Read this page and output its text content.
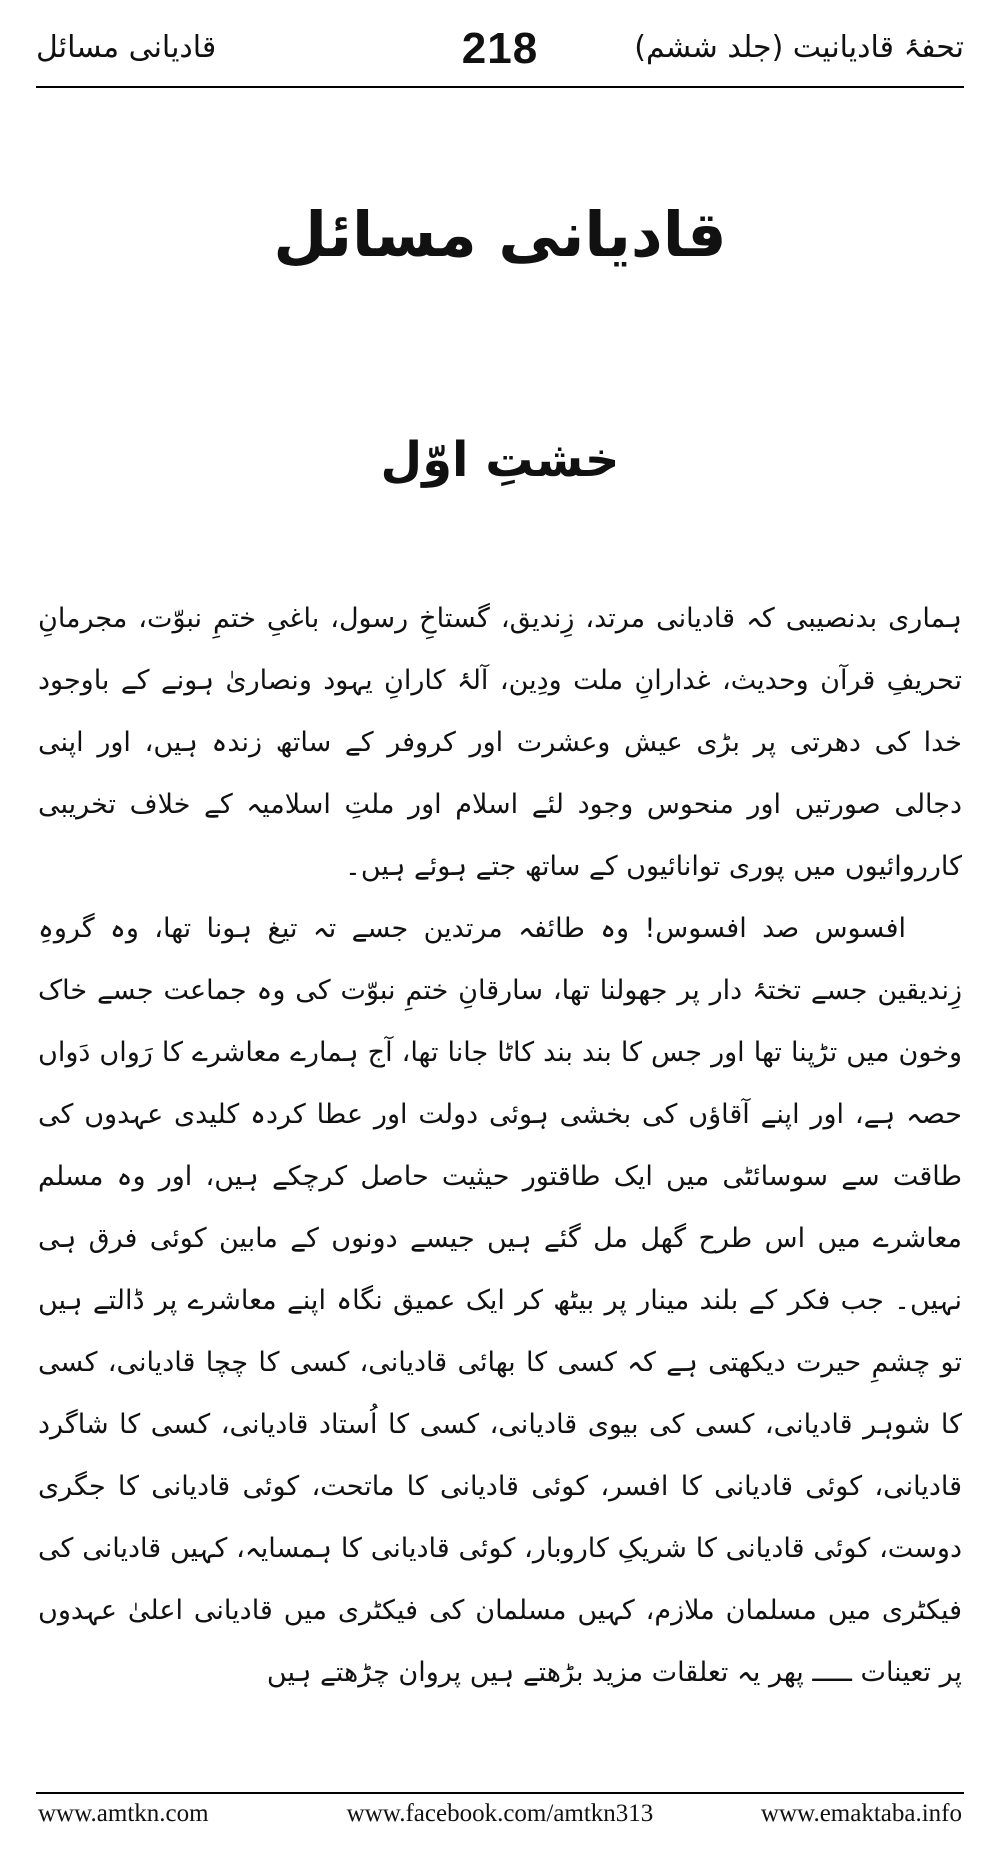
قادیانی مسائل	218	تحفۂ قادیانیت (جلد ششم)
قادیانی مسائل
خشتِ اوّل

ہماری بدنصیبی کہ قادیانی مرتد، زِندیق، گستاخِ رسول، باغیِ ختمِ نبوّت، مجرمانِ تحریفِ قرآن وحدیث، غدارانِ ملت ودِین، آلۂ کارانِ یہود ونصاریٰ ہونے کے باوجود خدا کی دھرتی پر بڑی عیش وعشرت اور کروفر کے ساتھ زندہ ہیں، اور اپنی دجالی صورتیں اور منحوس وجود لئے اسلام اور ملتِ اسلامیہ کے خلاف تخریبی کارروائیوں میں پوری توانائیوں کے ساتھ جتے ہوئے ہیں۔

افسوس صد افسوس! وہ طائفہ مرتدین جسے تہ تیغ ہونا تھا، وہ گروہِ زِندیقین جسے تختۂ دار پر جھولنا تھا، سارقانِ ختمِ نبوّت کی وہ جماعت جسے خاک وخون میں تڑپنا تھا اور جس کا بند بند کاٹا جانا تھا، آج ہمارے معاشرے کا رَواں دَواں حصہ ہے، اور اپنے آقاؤں کی بخشی ہوئی دولت اور عطا کردہ کلیدی عہدوں کی طاقت سے سوسائٹی میں ایک طاقتور حیثیت حاصل کرچکے ہیں، اور وہ مسلم معاشرے میں اس طرح گھل مل گئے ہیں جیسے دونوں کے مابین کوئی فرق ہی نہیں۔ جب فکر کے بلند مینار پر بیٹھ کر ایک عمیق نگاہ اپنے معاشرے پر ڈالتے ہیں تو چشمِ حیرت دیکھتی ہے کہ کسی کا بھائی قادیانی، کسی کا چچا قادیانی، کسی کا شوہر قادیانی، کسی کی بیوی قادیانی، کسی کا اُستاد قادیانی، کسی کا شاگرد قادیانی، کوئی قادیانی کا افسر، کوئی قادیانی کا ماتحت، کوئی قادیانی کا جگری دوست، کوئی قادیانی کا شریکِ کاروبار، کوئی قادیانی کا ہمسایہ، کہیں قادیانی کی فیکٹری میں مسلمان ملازم، کہیں مسلمان کی فیکٹری میں قادیانی اعلیٰ عہدوں پر تعینات ـــــ پھر یہ تعلقات مزید بڑھتے ہیں پروان چڑھتے ہیں

www.amtkn.com	www.facebook.com/amtkn313	www.emaktaba.info
